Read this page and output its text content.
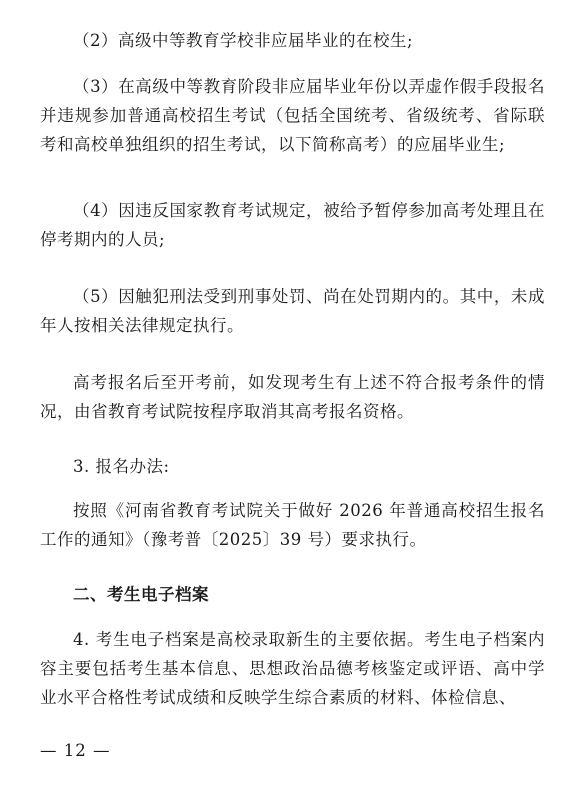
（2）高级中等教育学校非应届毕业的在校生;

（3）在高级中等教育阶段非应届毕业年份以弄虚作假手段报名并违规参加普通高校招生考试（包括全国统考、省级统考、省际联考和高校单独组织的招生考试，以下简称高考）的应届毕业生;

（4）因违反国家教育考试规定，被给予暂停参加高考处理且在停考期内的人员;

（5）因触犯刑法受到刑事处罚、尚在处罚期内的。其中，未成年人按相关法律规定执行。

高考报名后至开考前，如发现考生有上述不符合报考条件的情况，由省教育考试院按程序取消其高考报名资格。

3. 报名办法:

按照《河南省教育考试院关于做好 2026 年普通高校招生报名工作的通知》（豫考普〔2025〕39 号）要求执行。

二、考生电子档案

4. 考生电子档案是高校录取新生的主要依据。考生电子档案内容主要包括考生基本信息、思想政治品德考核鉴定或评语、高中学业水平合格性考试成绩和反映学生综合素质的材料、体检信息、

— 12 —
